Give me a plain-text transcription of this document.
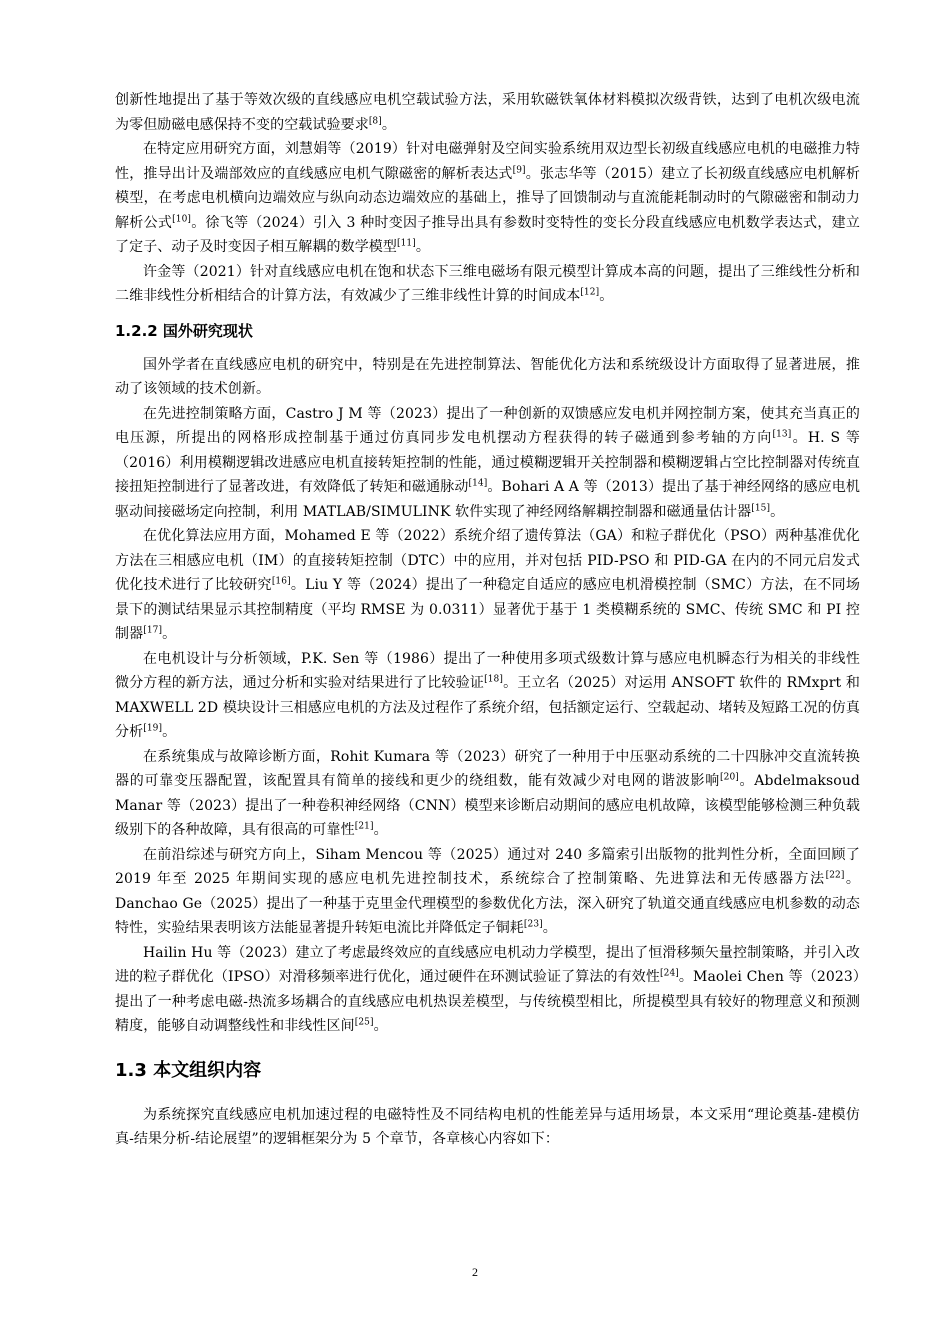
创新性地提出了基于等效次级的直线感应电机空载试验方法，采用软磁铁氧体材料模拟次级背铁，达到了电机次级电流为零但励磁电感保持不变的空载试验要求[8]。

在特定应用研究方面，刘慧娟等（2019）针对电磁弹射及空间实验系统用双边型长初级直线感应电机的电磁推力特性，推导出计及端部效应的直线感应电机气隙磁密的解析表达式[9]。张志华等（2015）建立了长初级直线感应电机解析模型，在考虑电机横向边端效应与纵向动态边端效应的基础上，推导了回馈制动与直流能耗制动时的气隙磁密和制动力解析公式[10]。徐飞等（2024）引入 3 种时变因子推导出具有参数时变特性的变长分段直线感应电机数学表达式，建立了定子、动子及时变因子相互解耦的数学模型[11]。

许金等（2021）针对直线感应电机在饱和状态下三维电磁场有限元模型计算成本高的问题，提出了三维线性分析和二维非线性分析相结合的计算方法，有效减少了三维非线性计算的时间成本[12]。

1.2.2 国外研究现状

国外学者在直线感应电机的研究中，特别是在先进控制算法、智能优化方法和系统级设计方面取得了显著进展，推动了该领域的技术创新。

在先进控制策略方面，Castro J M 等（2023）提出了一种创新的双馈感应发电机并网控制方案，使其充当真正的电压源，所提出的网格形成控制基于通过仿真同步发电机摆动方程获得的转子磁通到参考轴的方向[13]。H. S 等（2016）利用模糊逻辑改进感应电机直接转矩控制的性能，通过模糊逻辑开关控制器和模糊逻辑占空比控制器对传统直接扭矩控制进行了显著改进，有效降低了转矩和磁通脉动[14]。Bohari A A 等（2013）提出了基于神经网络的感应电机驱动间接磁场定向控制，利用 MATLAB/SIMULINK 软件实现了神经网络解耦控制器和磁通量估计器[15]。

在优化算法应用方面，Mohamed E 等（2022）系统介绍了遗传算法（GA）和粒子群优化（PSO）两种基准优化方法在三相感应电机（IM）的直接转矩控制（DTC）中的应用，并对包括 PID-PSO 和 PID-GA 在内的不同元启发式优化技术进行了比较研究[16]。Liu Y 等（2024）提出了一种稳定自适应的感应电机滑模控制（SMC）方法，在不同场景下的测试结果显示其控制精度（平均 RMSE 为 0.0311）显著优于基于 1 类模糊系统的 SMC、传统 SMC 和 PI 控制器[17]。

在电机设计与分析领域，P.K. Sen 等（1986）提出了一种使用多项式级数计算与感应电机瞬态行为相关的非线性微分方程的新方法，通过分析和实验对结果进行了比较验证[18]。王立名（2025）对运用 ANSOFT 软件的 RMxprt 和 MAXWELL 2D 模块设计三相感应电机的方法及过程作了系统介绍，包括额定运行、空载起动、堵转及短路工况的仿真分析[19]。

在系统集成与故障诊断方面，Rohit Kumara 等（2023）研究了一种用于中压驱动系统的二十四脉冲交直流转换器的可靠变压器配置，该配置具有简单的接线和更少的绕组数，能有效减少对电网的谐波影响[20]。Abdelmaksoud Manar 等（2023）提出了一种卷积神经网络（CNN）模型来诊断启动期间的感应电机故障，该模型能够检测三种负载级别下的各种故障，具有很高的可靠性[21]。

在前沿综述与研究方向上，Siham Mencou 等（2025）通过对 240 多篇索引出版物的批判性分析，全面回顾了 2019 年至 2025 年期间实现的感应电机先进控制技术，系统综合了控制策略、先进算法和无传感器方法[22]。Danchao Ge（2025）提出了一种基于克里金代理模型的参数优化方法，深入研究了轨道交通直线感应电机参数的动态特性，实验结果表明该方法能显著提升转矩电流比并降低定子铜耗[23]。

Hailin Hu 等（2023）建立了考虑最终效应的直线感应电机动力学模型，提出了恒滑移频矢量控制策略，并引入改进的粒子群优化（IPSO）对滑移频率进行优化，通过硬件在环测试验证了算法的有效性[24]。Maolei Chen 等（2023）提出了一种考虑电磁-热流多场耦合的直线感应电机热误差模型，与传统模型相比，所提模型具有较好的物理意义和预测精度，能够自动调整线性和非线性区间[25]。

1.3 本文组织内容

为系统探究直线感应电机加速过程的电磁特性及不同结构电机的性能差异与适用场景，本文采用“理论奠基-建模仿真-结果分析-结论展望”的逻辑框架分为 5 个章节，各章核心内容如下：

2
